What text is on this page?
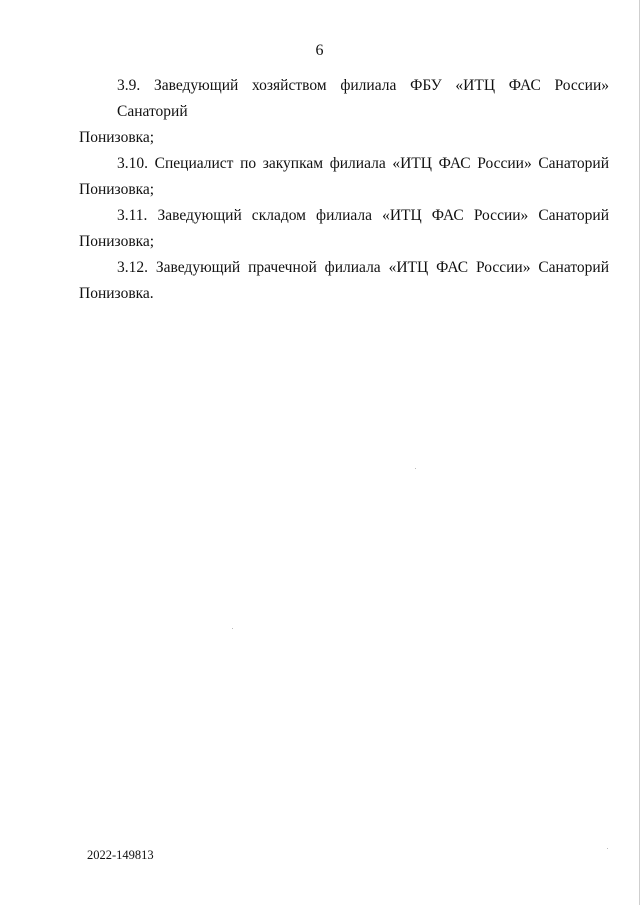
6
3.9. Заведующий хозяйством филиала ФБУ «ИТЦ ФАС России» Санаторий
Понизовка;
3.10. Специалист по закупкам филиала «ИТЦ ФАС России» Санаторий
Понизовка;
3.11. Заведующий складом филиала «ИТЦ ФАС России» Санаторий
Понизовка;
3.12. Заведующий прачечной филиала «ИТЦ ФАС России» Санаторий
Понизовка.
2022-149813
